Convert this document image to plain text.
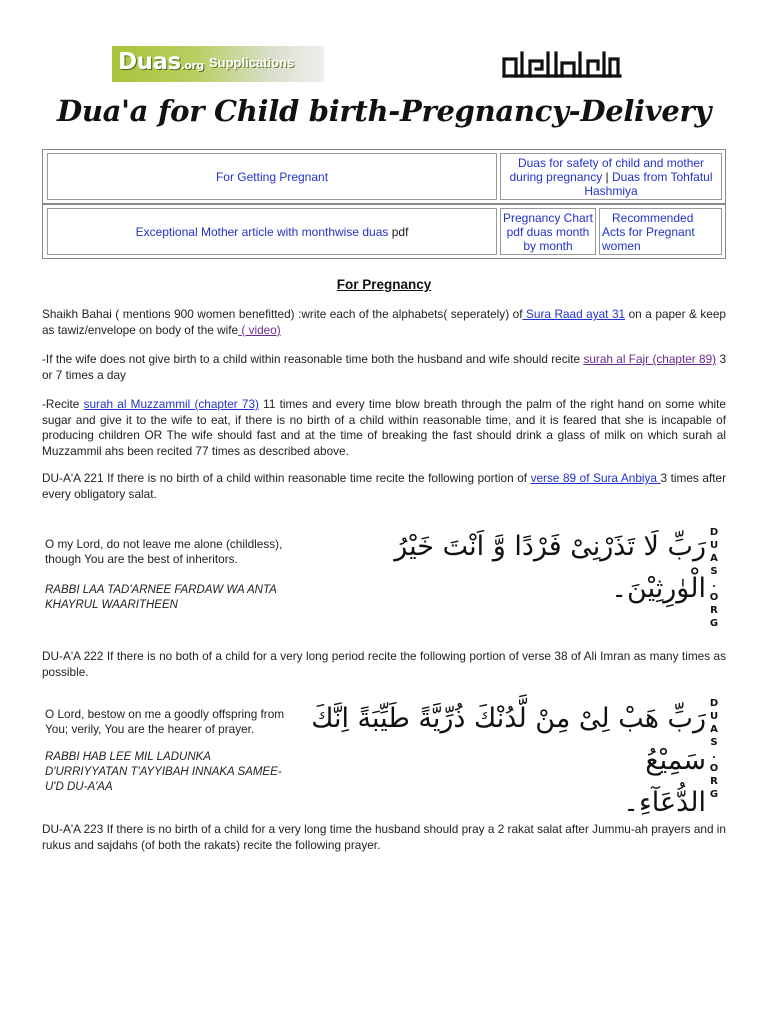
Duas.org Supplications
Dua'a for Child birth-Pregnancy-Delivery
For Getting Pregnant
Duas for safety of child and mother
during pregnancy | Duas from Tohfatul
Hashmiya
Exceptional Mother article with monthwise duas pdf
Pregnancy Chart
pdf duas month
by month
Recommended
Acts for Pregnant
women
For Pregnancy
Shaikh Bahai ( mentions 900 women benefitted) :write each of the alphabets( seperately) of Sura Raad ayat 31 on a paper & keep as tawiz/envelope on body of the wife ( video)
-If the wife does not give birth to a child within reasonable time both the husband and wife should recite surah al Fajr (chapter 89) 3 or 7 times a day
-Recite surah al Muzzammil (chapter 73) 11 times and every time blow breath through the palm of the right hand on some white sugar and give it to the wife to eat, if there is no birth of a child within reasonable time, and it is feared that she is incapable of producing children OR The wife should fast and at the time of breaking the fast should drink a glass of milk on which surah al Muzzammil ahs been recited 77 times as described above.
DU-A'A 221 If there is no birth of a child within reasonable time recite the following portion of verse 89 of Sura Anbiya 3 times after every obligatory salat.
O my Lord, do not leave me alone (childless), though You are the best of inheritors.
RABBI LAA TAD'ARNEE FARDAW WA ANTA
KHAYRUL WAARITHEEN
رَبِّ لَا تَذَرْنِىْ فَرْدًا وَّ اَنْتَ خَيْرُ الْوٰرِثِيْنَ۔
D
U
A
S
.
O
R
G
DU-A'A 222 If there is no both of a child for a very long period recite the following portion of verse 38 of Ali Imran as many times as possible.
O Lord, bestow on me a goodly offspring from You; verily, You are the hearer of prayer.
RABBI HAB LEE MIL LADUNKA
D'URRIYYATAN T'AYYIBAH INNAKA SAMEE-
U'D DU-A'AA
رَبِّ هَبْ لِىْ مِنْ لَّدُنْكَ ذُرِّيَّةً طَيِّبَةً اِنَّكَ سَمِيْعُ
الدُّعَآءِ۔
D
U
A
S
.
O
R
G
DU-A'A 223 If there is no birth of a child for a very long time the husband should pray a 2 rakat salat after Jummu-ah prayers and in rukus and sajdahs (of both the rakats) recite the following prayer.
